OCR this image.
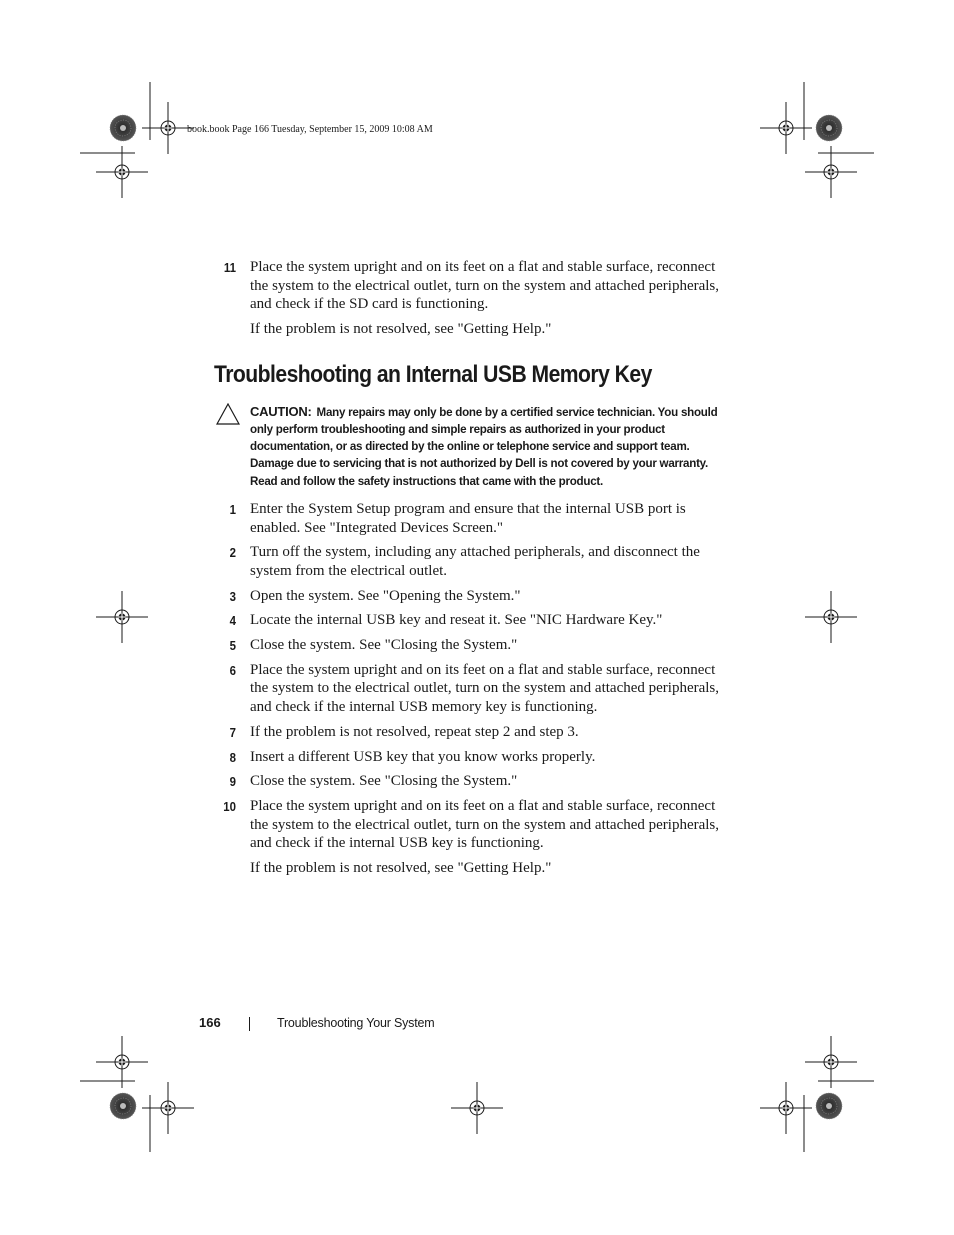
book.book Page 166 Tuesday, September 15, 2009 10:08 AM
11 Place the system upright and on its feet on a flat and stable surface, reconnect the system to the electrical outlet, turn on the system and attached peripherals, and check if the SD card is functioning.
If the problem is not resolved, see "Getting Help."
Troubleshooting an Internal USB Memory Key
CAUTION: Many repairs may only be done by a certified service technician. You should only perform troubleshooting and simple repairs as authorized in your product documentation, or as directed by the online or telephone service and support team. Damage due to servicing that is not authorized by Dell is not covered by your warranty. Read and follow the safety instructions that came with the product.
1 Enter the System Setup program and ensure that the internal USB port is enabled. See "Integrated Devices Screen."
2 Turn off the system, including any attached peripherals, and disconnect the system from the electrical outlet.
3 Open the system. See "Opening the System."
4 Locate the internal USB key and reseat it. See "NIC Hardware Key."
5 Close the system. See "Closing the System."
6 Place the system upright and on its feet on a flat and stable surface, reconnect the system to the electrical outlet, turn on the system and attached peripherals, and check if the internal USB memory key is functioning.
7 If the problem is not resolved, repeat step 2 and step 3.
8 Insert a different USB key that you know works properly.
9 Close the system. See "Closing the System."
10 Place the system upright and on its feet on a flat and stable surface, reconnect the system to the electrical outlet, turn on the system and attached peripherals, and check if the internal USB key is functioning.
If the problem is not resolved, see "Getting Help."
166	Troubleshooting Your System
